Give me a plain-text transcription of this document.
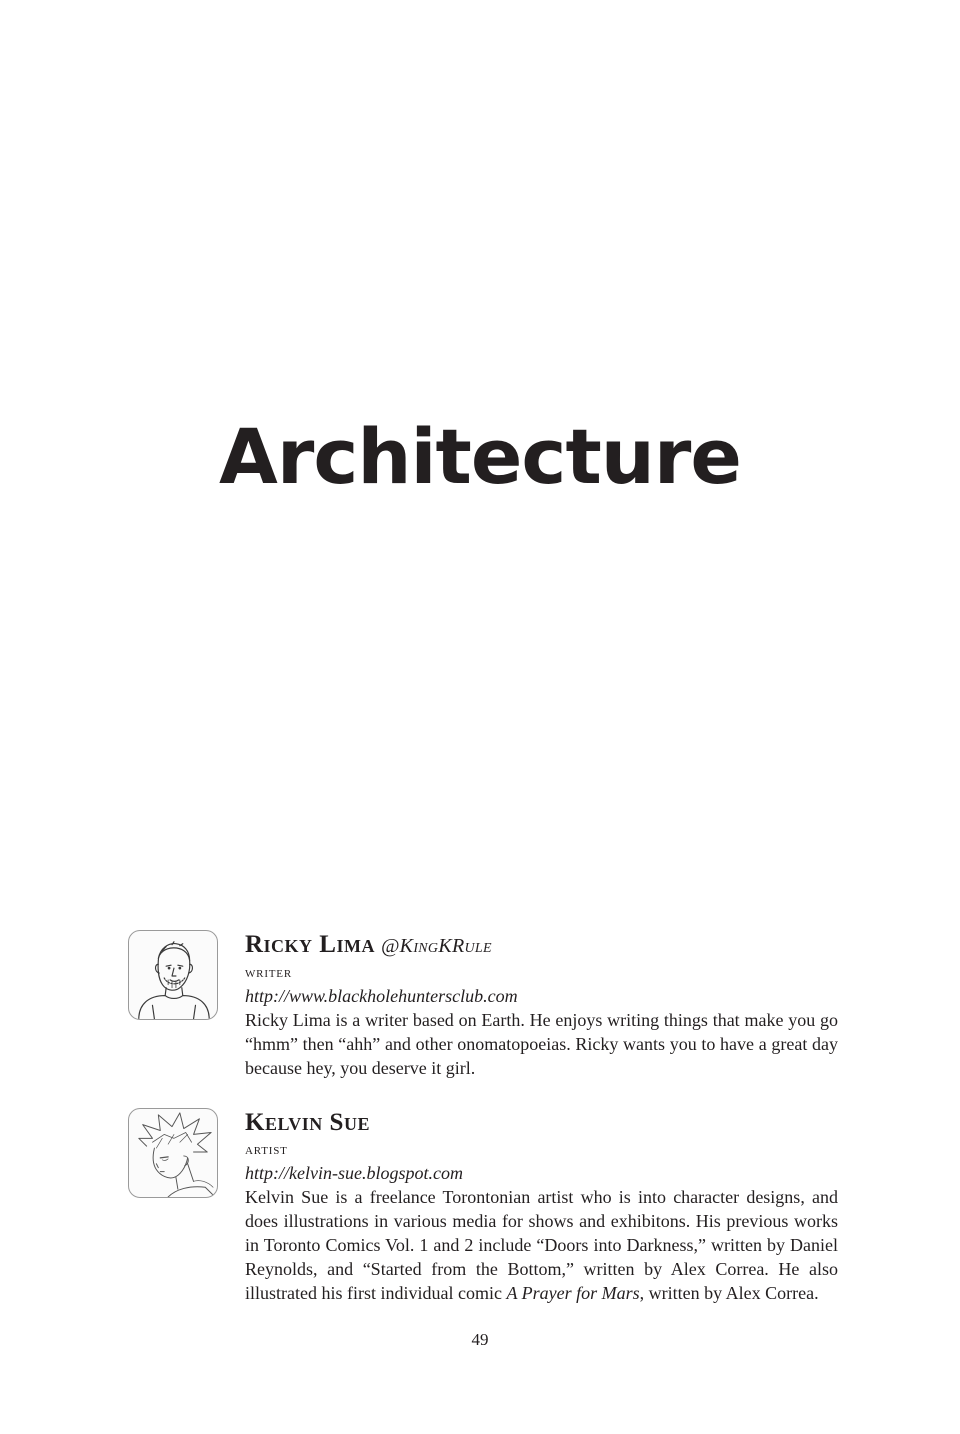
Architecture

Ricky Lima @KingKRule

writer

http://www.blackholehuntersclub.com

Ricky Lima is a writer based on Earth. He enjoys writing things that make you go “hmm” then “ahh” and other onomatopoeias. Ricky wants you to have a great day because hey, you deserve it girl.

Kelvin Sue

artist

http://kelvin-sue.blogspot.com

Kelvin Sue is a freelance Torontonian artist who is into character designs, and does illustrations in various media for shows and exhibitons. His previous works in Toronto Comics Vol. 1 and 2 include “Doors into Darkness,” written by Daniel Reynolds, and “Started from the Bottom,” written by Alex Correa. He also illustrated his first individual comic A Prayer for Mars, written by Alex Correa.

49
